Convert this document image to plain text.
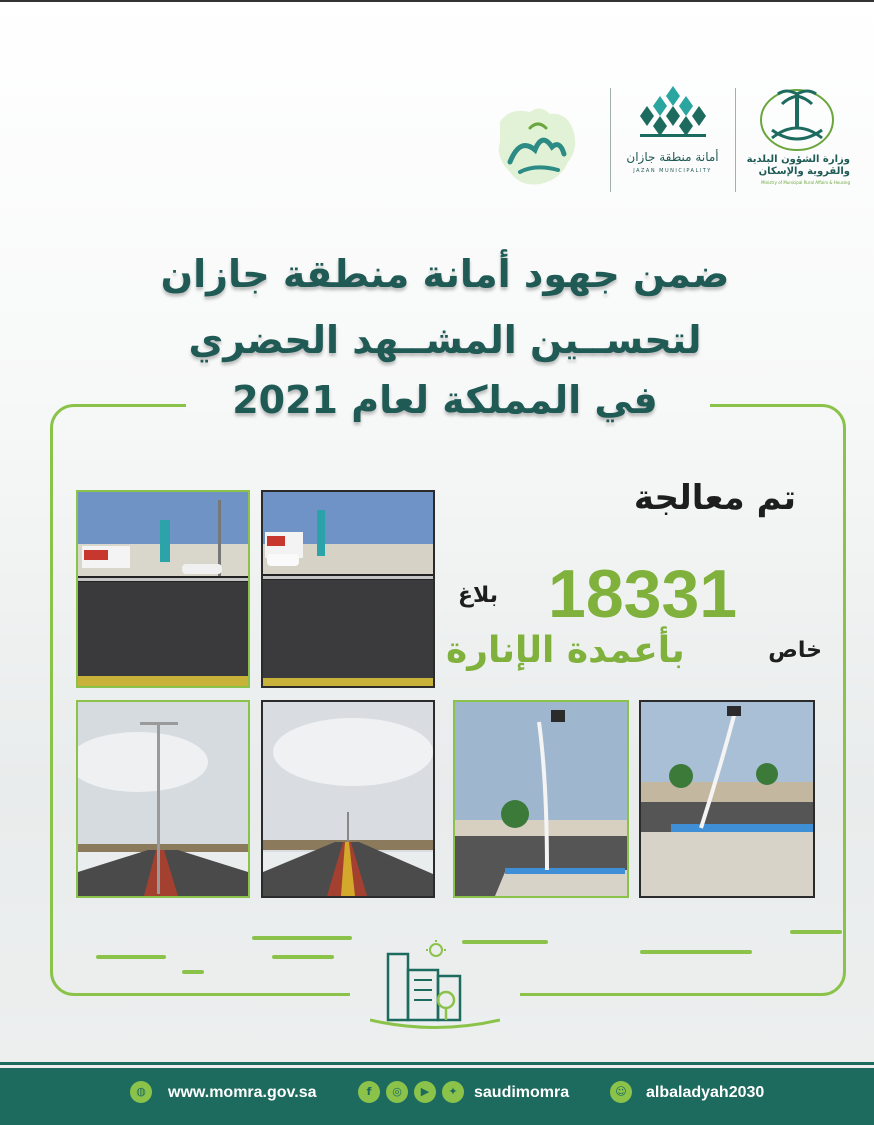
أمانة منطقة جازان
JAZAN MUNICIPALITY
وزارة الشؤون البلدية والقروية والإسكان
Ministry of Municipal Rural Affairs & Housing
ضمن جهود أمانة منطقة جازان
لتحســين المشــهد الحضري
في المملكة لعام 2021
تم معالجة
18331
بلاغ
خاص
بأعمدة الإنارة
◍	www.momra.gov.sa	f	◎	▶	✦	saudimomra	☺	albaladyah2030
